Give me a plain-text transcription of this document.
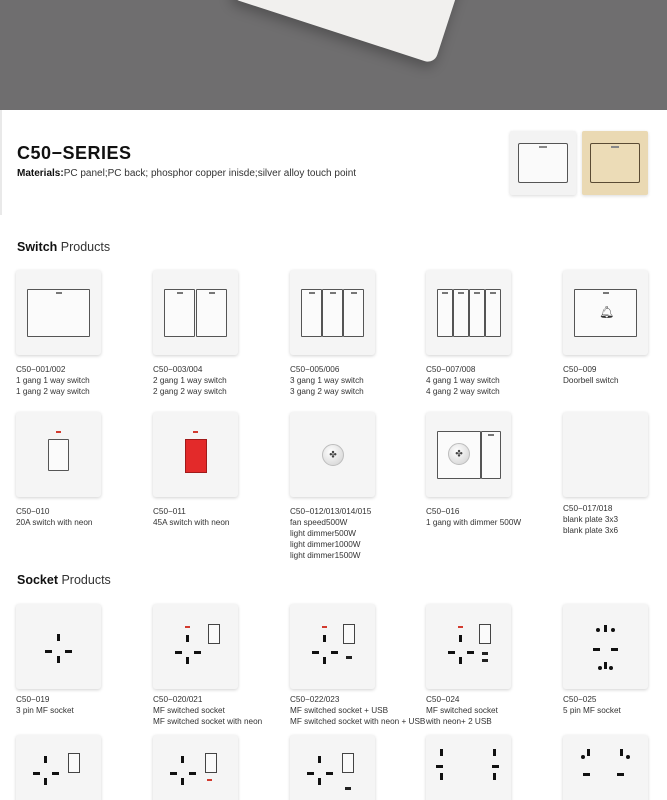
C50−SERIES
Materials:PC panel;PC back; phosphor copper inisde;silver alloy touch point
Switch Products
C50−001/002
1 gang 1 way switch
1 gang 2 way switch
C50−003/004
2 gang 1 way switch
2 gang 2 way switch
C50−005/006
3 gang 1 way switch
3 gang 2 way switch
C50−007/008
4 gang 1 way switch
4 gang 2 way switch
🔔︎
C50−009
Doorbell switch
C50−010
20A switch with neon
C50−011
45A switch with neon
✤
C50−012/013/014/015
fan speed500W
light dimmer500W
light dimmer1000W
light dimmer1500W
✤
C50−016
1 gang with dimmer 500W
C50−017/018
blank plate 3x3
blank plate 3x6
Socket Products
C50−019
3 pin MF socket
C50−020/021
MF switched socket
MF switched socket with neon
C50−022/023
MF switched socket + USB
MF switched socket with neon + USB
C50−024
MF switched socket
with neon+ 2 USB
C50−025
5 pin MF socket
